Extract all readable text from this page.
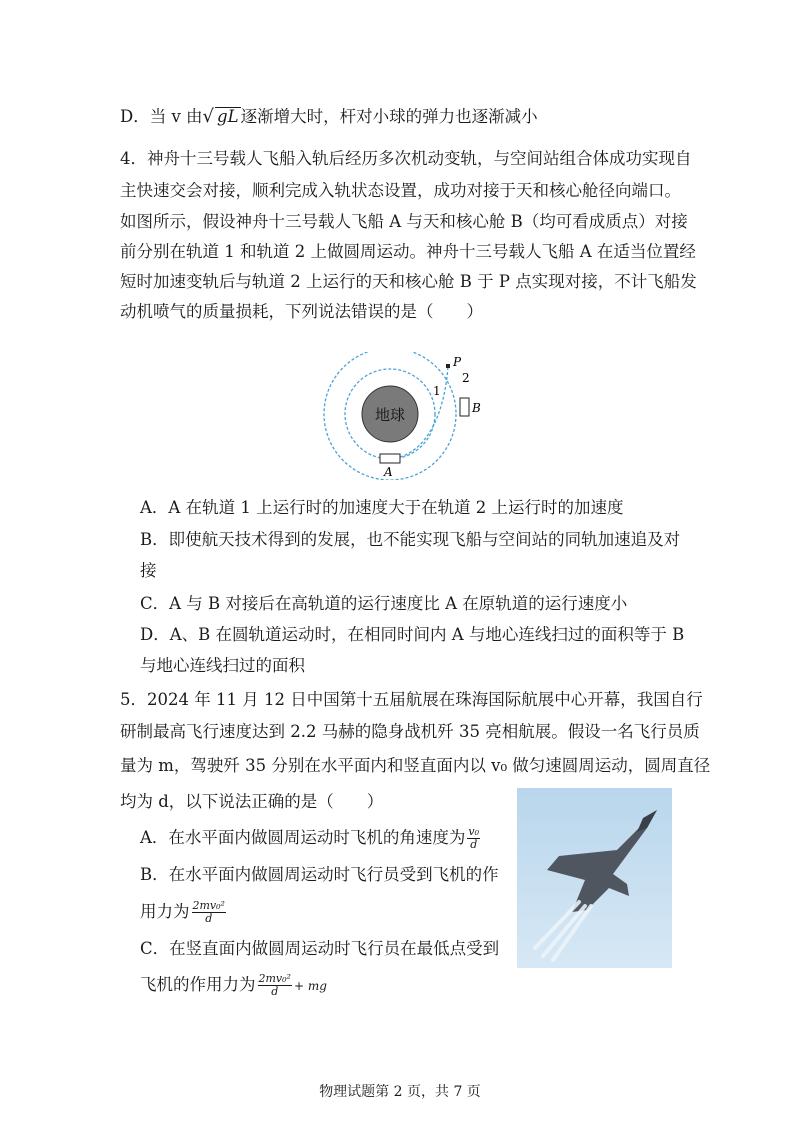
D．当 v 由√ gL 逐渐增大时，杆对小球的弹力也逐渐减小
4．神舟十三号载人飞船入轨后经历多次机动变轨，与空间站组合体成功实现自
主快速交会对接，顺利完成入轨状态设置，成功对接于天和核心舱径向端口。
如图所示，假设神舟十三号载人飞船 A 与天和核心舱 B（均可看成质点）对接
前分别在轨道 1 和轨道 2 上做圆周运动。神舟十三号载人飞船 A 在适当位置经
短时加速变轨后与轨道 2 上运行的天和核心舱 B 于 P 点实现对接，不计飞船发
动机喷气的质量损耗，下列说法错误的是（　　）
地球
P
1
2
B
A
A．A 在轨道 1 上运行时的加速度大于在轨道 2 上运行时的加速度
B．即使航天技术得到的发展，也不能实现飞船与空间站的同轨加速追及对
接
C．A 与 B 对接后在高轨道的运行速度比 A 在原轨道的运行速度小
D．A、B 在圆轨道运动时，在相同时间内 A 与地心连线扫过的面积等于 B
与地心连线扫过的面积
5．2024 年 11 月 12 日中国第十五届航展在珠海国际航展中心开幕，我国自行
研制最高飞行速度达到 2.2 马赫的隐身战机歼 35 亮相航展。假设一名飞行员质
量为 m，驾驶歼 35 分别在水平面内和竖直面内以 v₀ 做匀速圆周运动，圆周直径
均为 d，以下说法正确的是（　　）
A．在水平面内做圆周运动时飞机的角速度为 $\frac{\text{v₀}}{d}$
B．在水平面内做圆周运动时飞行员受到飞机的作
用力为 $\frac{\text{2mv₀²}}{d}$
C．在竖直面内做圆周运动时飞行员在最低点受到
飞机的作用力为 $\frac{\text{2mv₀²}}{d}$ + mg
物理试题第 2 页，共 7 页
